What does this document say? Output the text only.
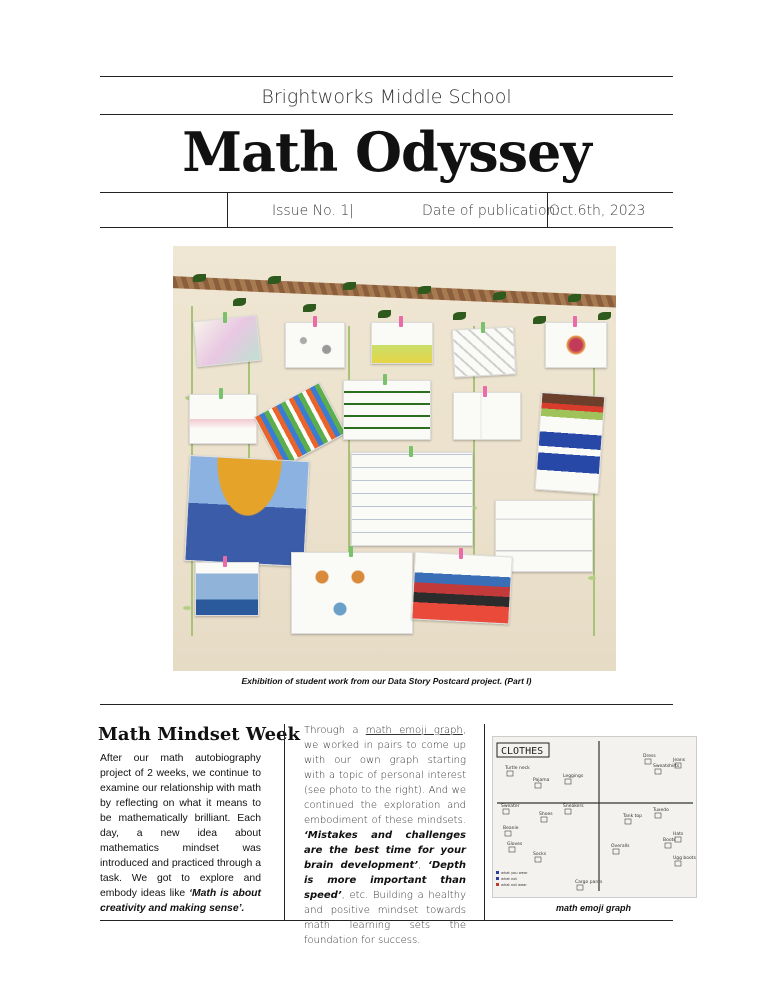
Brightworks Middle School
Math Odyssey
Issue No. 1|	Date of publication:
Oct.6th, 2023
Exhibition of student work from our Data Story Postcard project. (Part I)
Math Mindset Week
After our math autobiography project of 2 weeks, we continue to examine our relationship with math by reflecting on what it means to be mathematically brilliant. Each day, a new idea about mathematics mindset was introduced and practiced through a task. We got to explore and embody ideas like ‘Math is about creativity and making sense’.
Through a math emoji graph, we worked in pairs to come up with our own graph starting with a topic of personal interest (see photo to the right). And we continued the exploration and embodiment of these mindsets. ‘Mistakes and challenges are the best time for your brain development’, ‘Depth is more important than speed’, etc. Building a healthy and positive mindset towards math learning sets the foundation for success.
CLOTHES
Turtle neck
Leggings
Pajama
Sweatshirts
Dress
Jeans
Sweater
Shoes
Beanie
Sneakers
Tank top
Tuxedo
Hats
Overalls
Boots
Ugg boots
Gloves
Socks
Cargo pants
what you wear
what not
what not wear
math emoji graph
